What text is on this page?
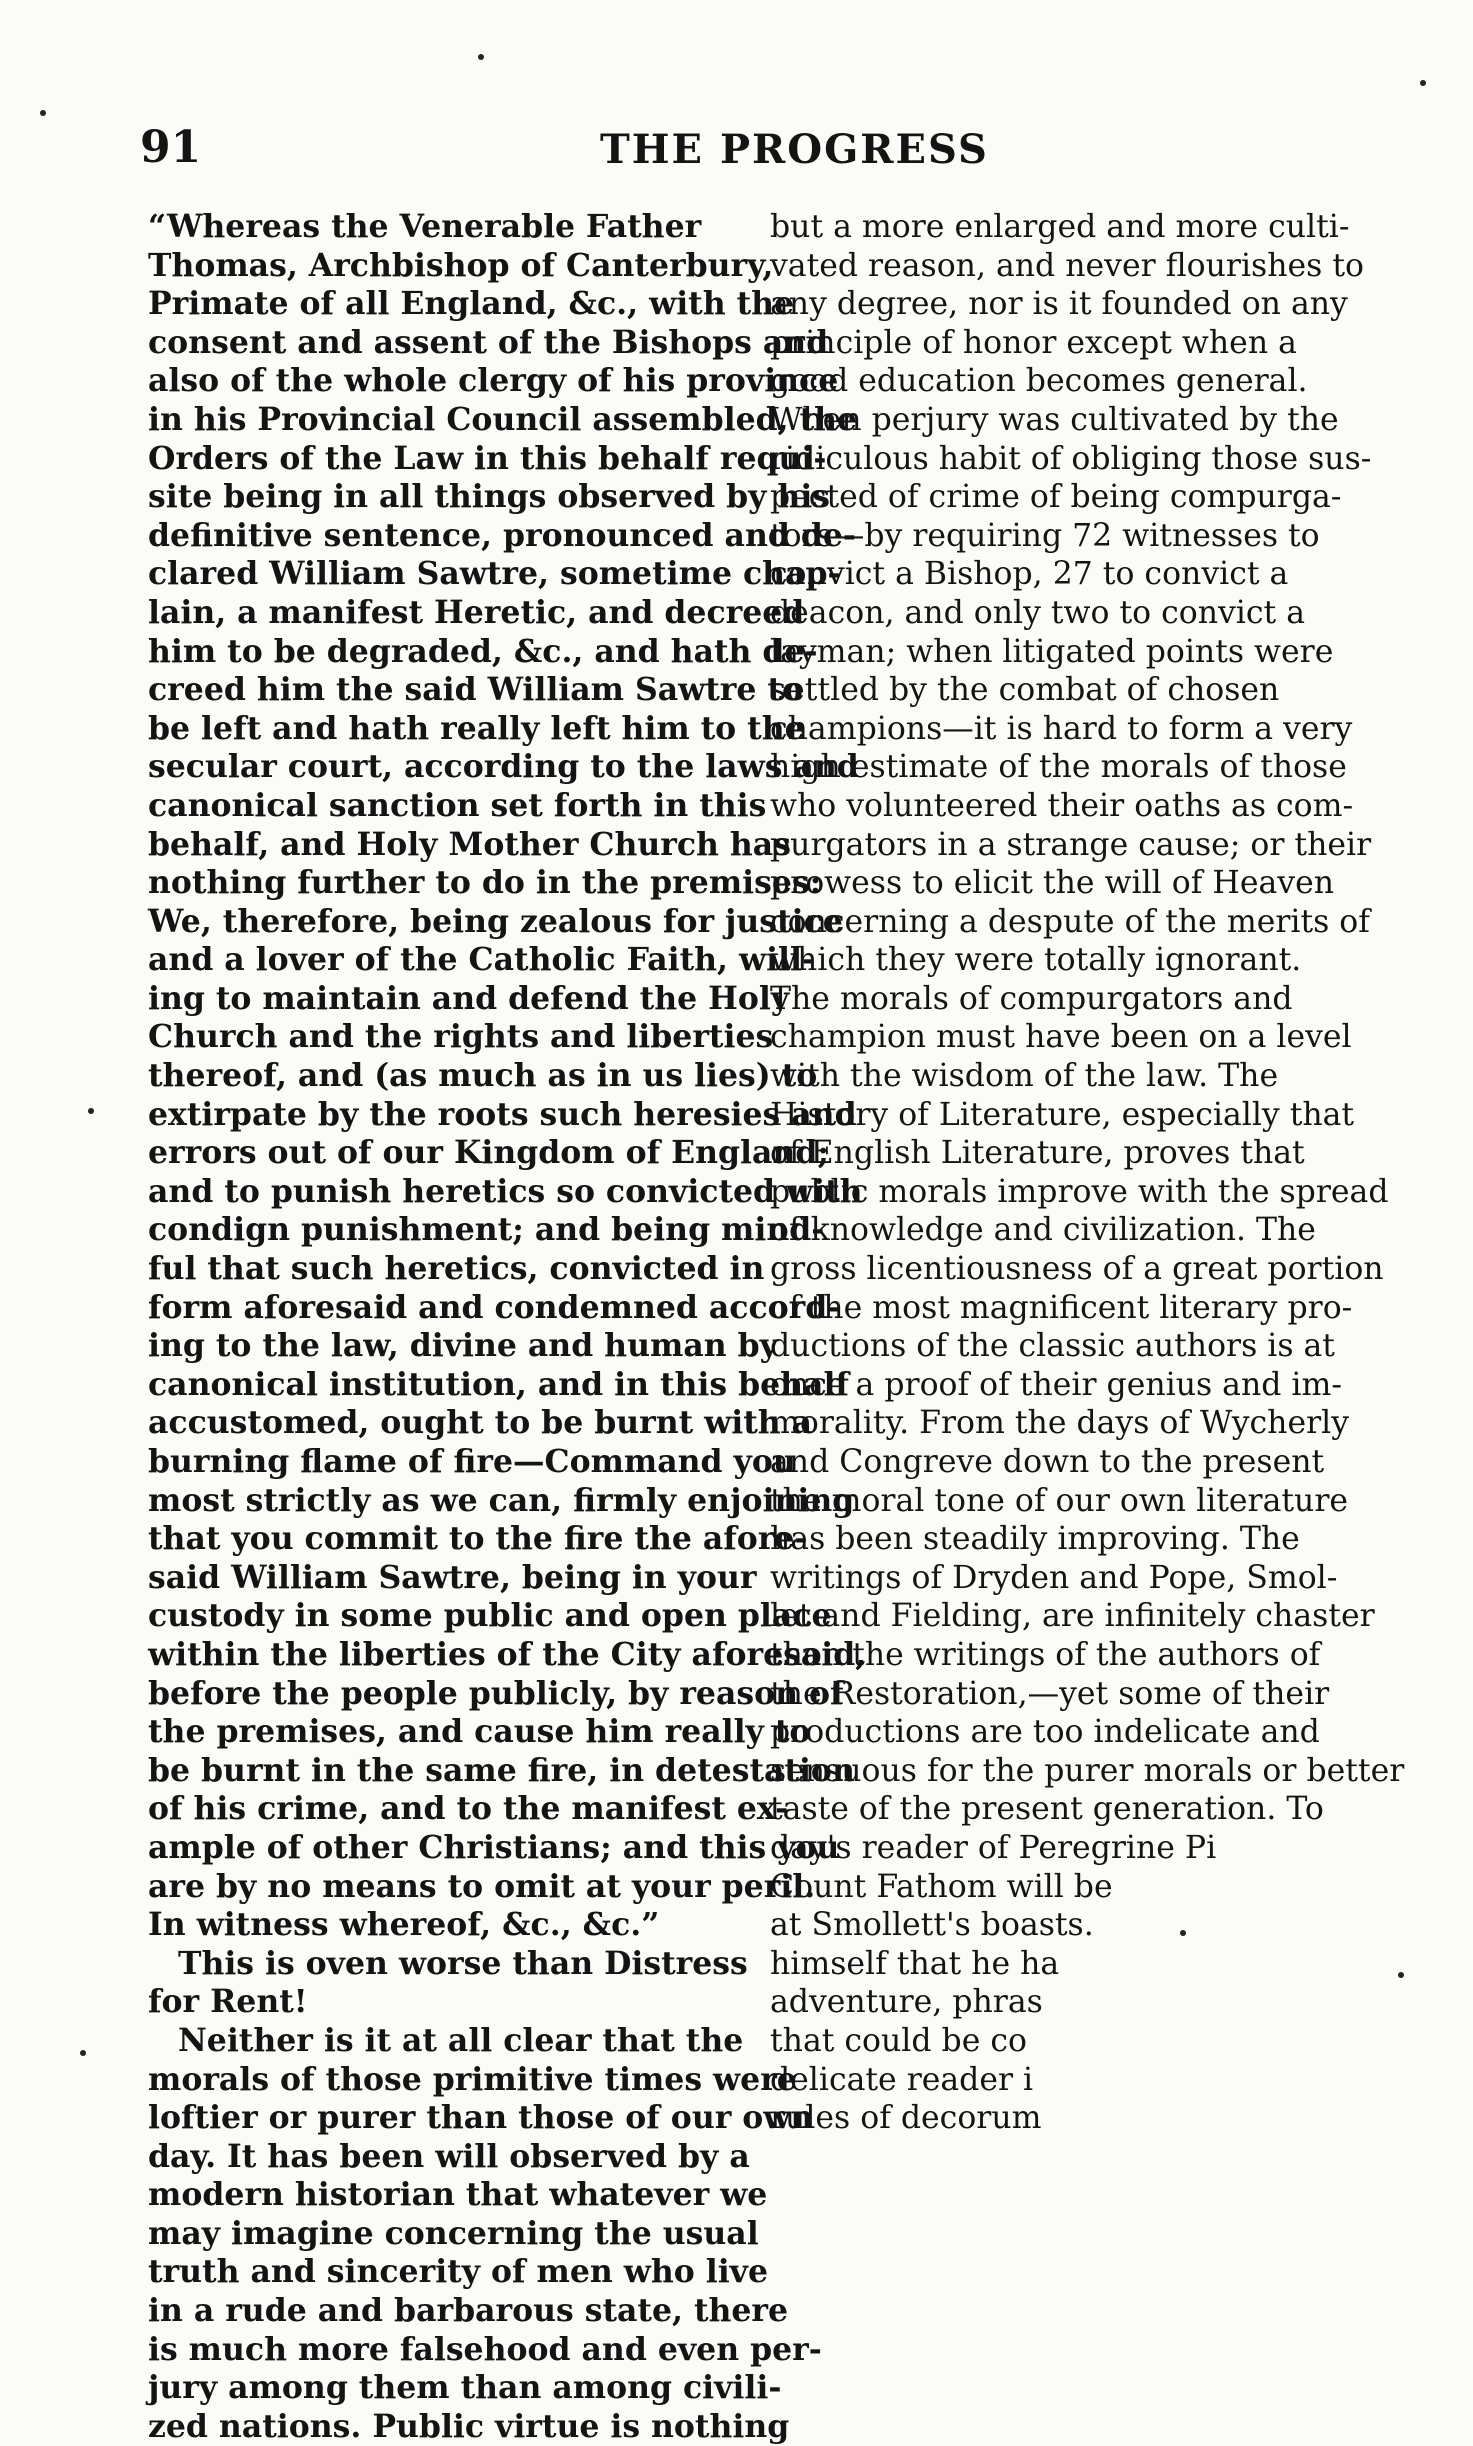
91	THE PROGRESS

“Whereas the Venerable Father
Thomas, Archbishop of Canterbury,
Primate of all England, &c., with the
consent and assent of the Bishops and
also of the whole clergy of his province
in his Provincial Council assembled, the
Orders of the Law in this behalf requi-
site being in all things observed by his
definitive sentence, pronounced and de-
clared William Sawtre, sometime chap-
lain, a manifest Heretic, and decreed
him to be degraded, &c., and hath de-
creed him the said William Sawtre to
be left and hath really left him to the
secular court, according to the laws and
canonical sanction set forth in this
behalf, and Holy Mother Church has
nothing further to do in the premises:
We, therefore, being zealous for justice
and a lover of the Catholic Faith, will-
ing to maintain and defend the Holy
Church and the rights and liberties
thereof, and (as much as in us lies) to
extirpate by the roots such heresies and
errors out of our Kingdom of England;
and to punish heretics so convicted with
condign punishment; and being mind-
ful that such heretics, convicted in
form aforesaid and condemned accord-
ing to the law, divine and human by
canonical institution, and in this behalf
accustomed, ought to be burnt with a
burning flame of fire—Command you
most strictly as we can, firmly enjoining
that you commit to the fire the afore-
said William Sawtre, being in your
custody in some public and open place
within the liberties of the City aforesaid,
before the people publicly, by reason of
the premises, and cause him really to
be burnt in the same fire, in detestation
of his crime, and to the manifest ex-
ample of other Christians; and this you
are by no means to omit at your peril.
In witness whereof, &c., &c.”

This is oven worse than Distress
for Rent!

Neither is it at all clear that the
morals of those primitive times were
loftier or purer than those of our own
day. It has been will observed by a
modern historian that whatever we
may imagine concerning the usual
truth and sincerity of men who live
in a rude and barbarous state, there
is much more falsehood and even per-
jury among them than among civili-
zed nations. Public virtue is nothing

but a more enlarged and more culti-
vated reason, and never flourishes to
any degree, nor is it founded on any
principle of honor except when a
good education becomes general.
When perjury was cultivated by the
ridiculous habit of obliging those sus-
pected of crime of being compurga-
tors—by requiring 72 witnesses to
convict a Bishop, 27 to convict a
deacon, and only two to convict a
layman; when litigated points were
settled by the combat of chosen
champions—it is hard to form a very
high estimate of the morals of those
who volunteered their oaths as com-
purgators in a strange cause; or their
prowess to elicit the will of Heaven
concerning a despute of the merits of
which they were totally ignorant.
The morals of compurgators and
champion must have been on a level
with the wisdom of the law. The
History of Literature, especially that
of English Literature, proves that
public morals improve with the spread
of knowledge and civilization. The
gross licentiousness of a great portion
of the most magnificent literary pro-
ductions of the classic authors is at
once a proof of their genius and im-
morality. From the days of Wycherly
and Congreve down to the present
the moral tone of our own literature
has been steadily improving. The
writings of Dryden and Pope, Smol-
let and Fielding, are infinitely chaster
thon the writings of the authors of
the Restoration,—yet some of their
productions are too indelicate and
sensuous for the purer morals or better
taste of the present generation. To
day's reader of Peregrine Pi
Count Fathom will be
at Smollett's boasts.
himself that he ha
adventure, phras
that could be co
delicate reader i
rules of decorum
